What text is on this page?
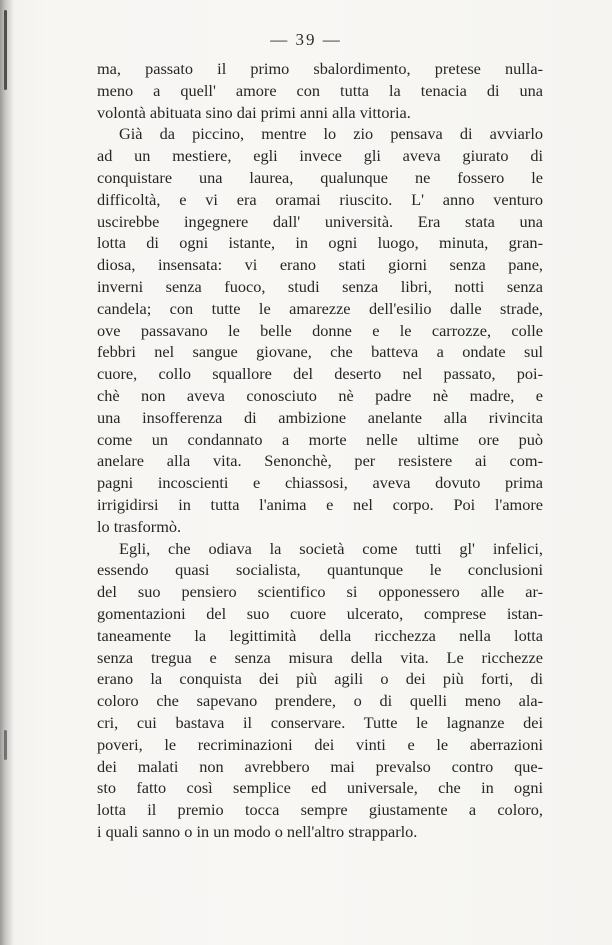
— 39 —

ma, passato il primo sbalordimento, pretese nulla-
meno a quell' amore con tutta la tenacia di una
volontà abituata sino dai primi anni alla vittoria.

Già da piccino, mentre lo zio pensava di avviarlo
ad un mestiere, egli invece gli aveva giurato di
conquistare una laurea, qualunque ne fossero le
difficoltà, e vi era oramai riuscito. L' anno venturo
uscirebbe ingegnere dall' università. Era stata una
lotta di ogni istante, in ogni luogo, minuta, gran-
diosa, insensata: vi erano stati giorni senza pane,
inverni senza fuoco, studi senza libri, notti senza
candela; con tutte le amarezze dell'esilio dalle strade,
ove passavano le belle donne e le carrozze, colle
febbri nel sangue giovane, che batteva a ondate sul
cuore, collo squallore del deserto nel passato, poi-
chè non aveva conosciuto nè padre nè madre, e
una insofferenza di ambizione anelante alla rivincita
come un condannato a morte nelle ultime ore può
anelare alla vita. Senonchè, per resistere ai com-
pagni incoscienti e chiassosi, aveva dovuto prima
irrigidirsi in tutta l'anima e nel corpo. Poi l'amore
lo trasformò.

Egli, che odiava la società come tutti gl' infelici,
essendo quasi socialista, quantunque le conclusioni
del suo pensiero scientifico si opponessero alle ar-
gomentazioni del suo cuore ulcerato, comprese istan-
taneamente la legittimità della ricchezza nella lotta
senza tregua e senza misura della vita. Le ricchezze
erano la conquista dei più agili o dei più forti, di
coloro che sapevano prendere, o di quelli meno ala-
cri, cui bastava il conservare. Tutte le lagnanze dei
poveri, le recriminazioni dei vinti e le aberrazioni
dei malati non avrebbero mai prevalso contro que-
sto fatto così semplice ed universale, che in ogni
lotta il premio tocca sempre giustamente a coloro,
i quali sanno o in un modo o nell'altro strapparlo.
